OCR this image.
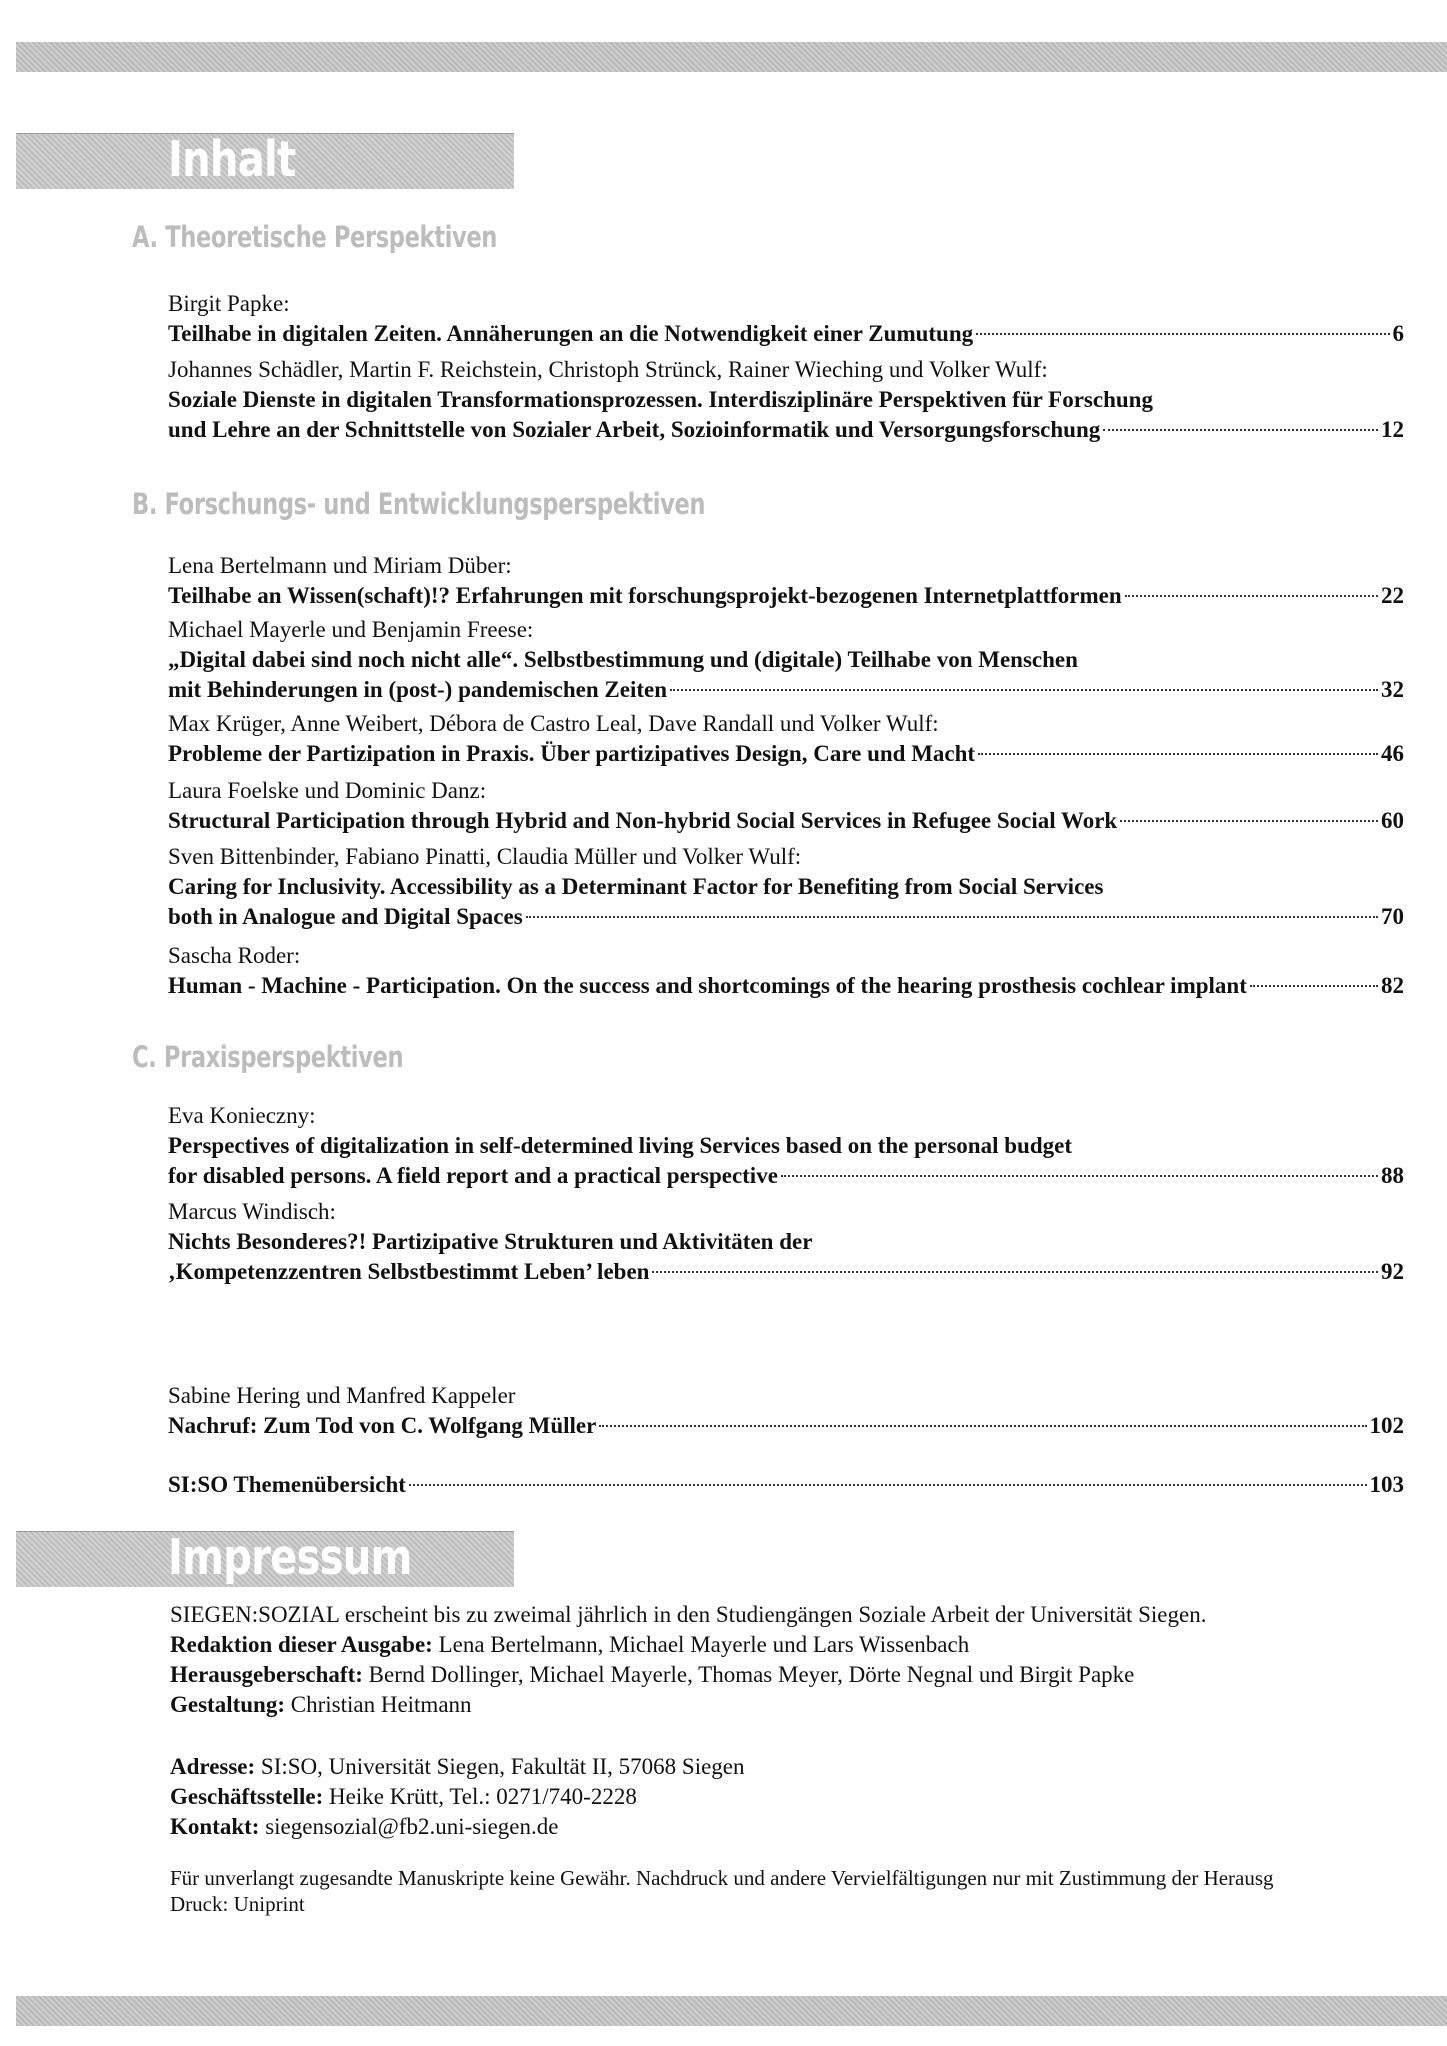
Inhalt
A. Theoretische Perspektiven
Birgit Papke:
Teilhabe in digitalen Zeiten. Annäherungen an die Notwendigkeit einer Zumutung	6
Johannes Schädler, Martin F. Reichstein, Christoph Strünck, Rainer Wieching und Volker Wulf:
Soziale Dienste in digitalen Transformationsprozessen. Interdisziplinäre Perspektiven für Forschung
und Lehre an der Schnittstelle von Sozialer Arbeit, Sozioinformatik und Versorgungsforschung	12
B. Forschungs- und Entwicklungsperspektiven
Lena Bertelmann und Miriam Düber:
Teilhabe an Wissen(schaft)!? Erfahrungen mit forschungsprojekt-bezogenen Internetplattformen	22
Michael Mayerle und Benjamin Freese:
„Digital dabei sind noch nicht alle“. Selbstbestimmung und (digitale) Teilhabe von Menschen
mit Behinderungen in (post-) pandemischen Zeiten	32
Max Krüger, Anne Weibert, Débora de Castro Leal, Dave Randall und Volker Wulf:
Probleme der Partizipation in Praxis. Über partizipatives Design, Care und Macht	46
Laura Foelske und Dominic Danz:
Structural Participation through Hybrid and Non-hybrid Social Services in Refugee Social Work	60
Sven Bittenbinder, Fabiano Pinatti, Claudia Müller und Volker Wulf:
Caring for Inclusivity. Accessibility as a Determinant Factor for Benefiting from Social Services
both in Analogue and Digital Spaces	70
Sascha Roder:
Human - Machine - Participation. On the success and shortcomings of the hearing prosthesis cochlear implant	82
C. Praxisperspektiven
Eva Konieczny:
Perspectives of digitalization in self-determined living Services based on the personal budget
for disabled persons. A field report and a practical perspective	88
Marcus Windisch:
Nichts Besonderes?! Partizipative Strukturen und Aktivitäten der
‚Kompetenzzentren Selbstbestimmt Leben’ leben	92
Sabine Hering und Manfred Kappeler
Nachruf: Zum Tod von C. Wolfgang Müller	102
SI:SO Themenübersicht	103
Impressum
SIEGEN:SOZIAL erscheint bis zu zweimal jährlich in den Studiengängen Soziale Arbeit der Universität Siegen.
Redaktion dieser Ausgabe: Lena Bertelmann, Michael Mayerle und Lars Wissenbach
Herausgeberschaft: Bernd Dollinger, Michael Mayerle, Thomas Meyer, Dörte Negnal und Birgit Papke
Gestaltung: Christian Heitmann
Adresse: SI:SO, Universität Siegen, Fakultät II, 57068 Siegen
Geschäftsstelle: Heike Krütt, Tel.: 0271/740-2228
Kontakt: siegensozial@fb2.uni-siegen.de
Für unverlangt zugesandte Manuskripte keine Gewähr. Nachdruck und andere Vervielfältigungen nur mit Zustimmung der Herausg
Druck: Uniprint
